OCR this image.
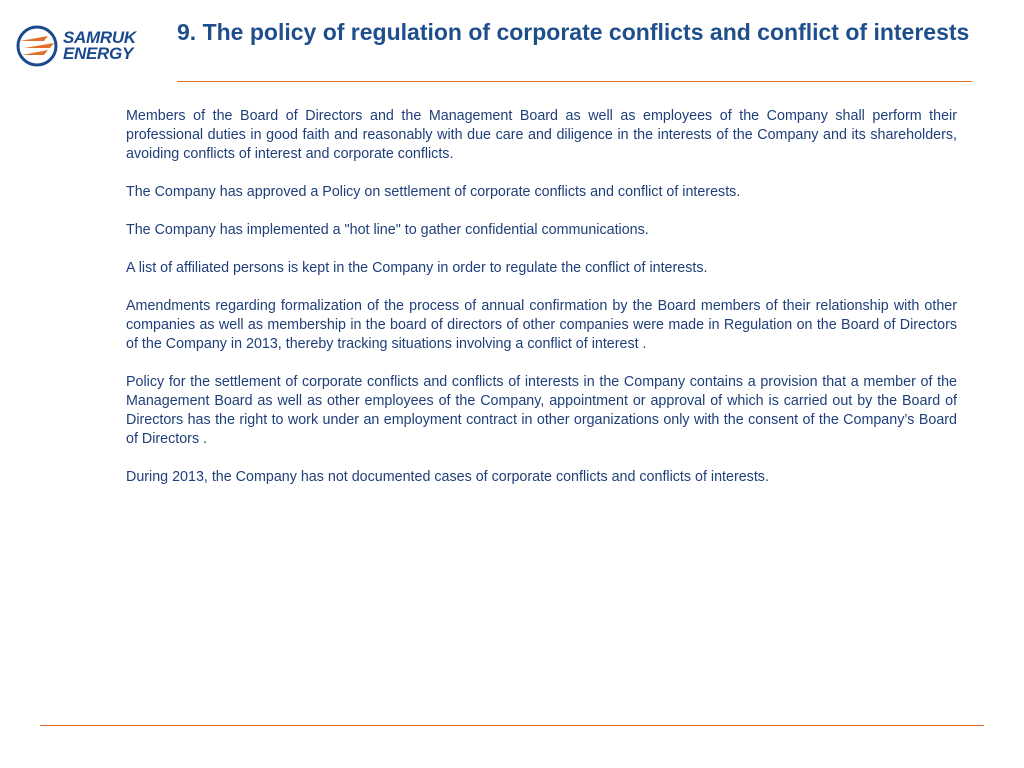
SAMRUK
ENERGY
9. The policy of regulation of corporate conflicts and conflict of interests

Members of the Board of Directors and the Management Board as well as employees of the Company shall perform their professional duties in good faith and reasonably with due care and diligence in the interests of the Company and its shareholders, avoiding conflicts of interest and corporate conflicts.

The Company has approved a Policy on settlement of corporate conflicts and conflict of interests.

The Company has implemented a "hot line" to gather confidential communications.

A list of affiliated persons is kept in the Company in order to regulate the conflict of interests.

Amendments regarding formalization of the process of annual confirmation by the Board members of their relationship with other companies as well as membership in the board of directors of other companies were made in Regulation on the Board of Directors of the Company in 2013, thereby tracking situations involving a conflict of interest .

Policy for the settlement of corporate conflicts and conflicts of interests in the Company contains a provision that a member of the Management Board as well as other employees of the Company, appointment or approval of which is carried out by the Board of Directors has the right to work under an employment contract in other organizations only with the consent of the Company’s Board of Directors .

During 2013, the Company has not documented cases of corporate conflicts and conflicts of interests.
